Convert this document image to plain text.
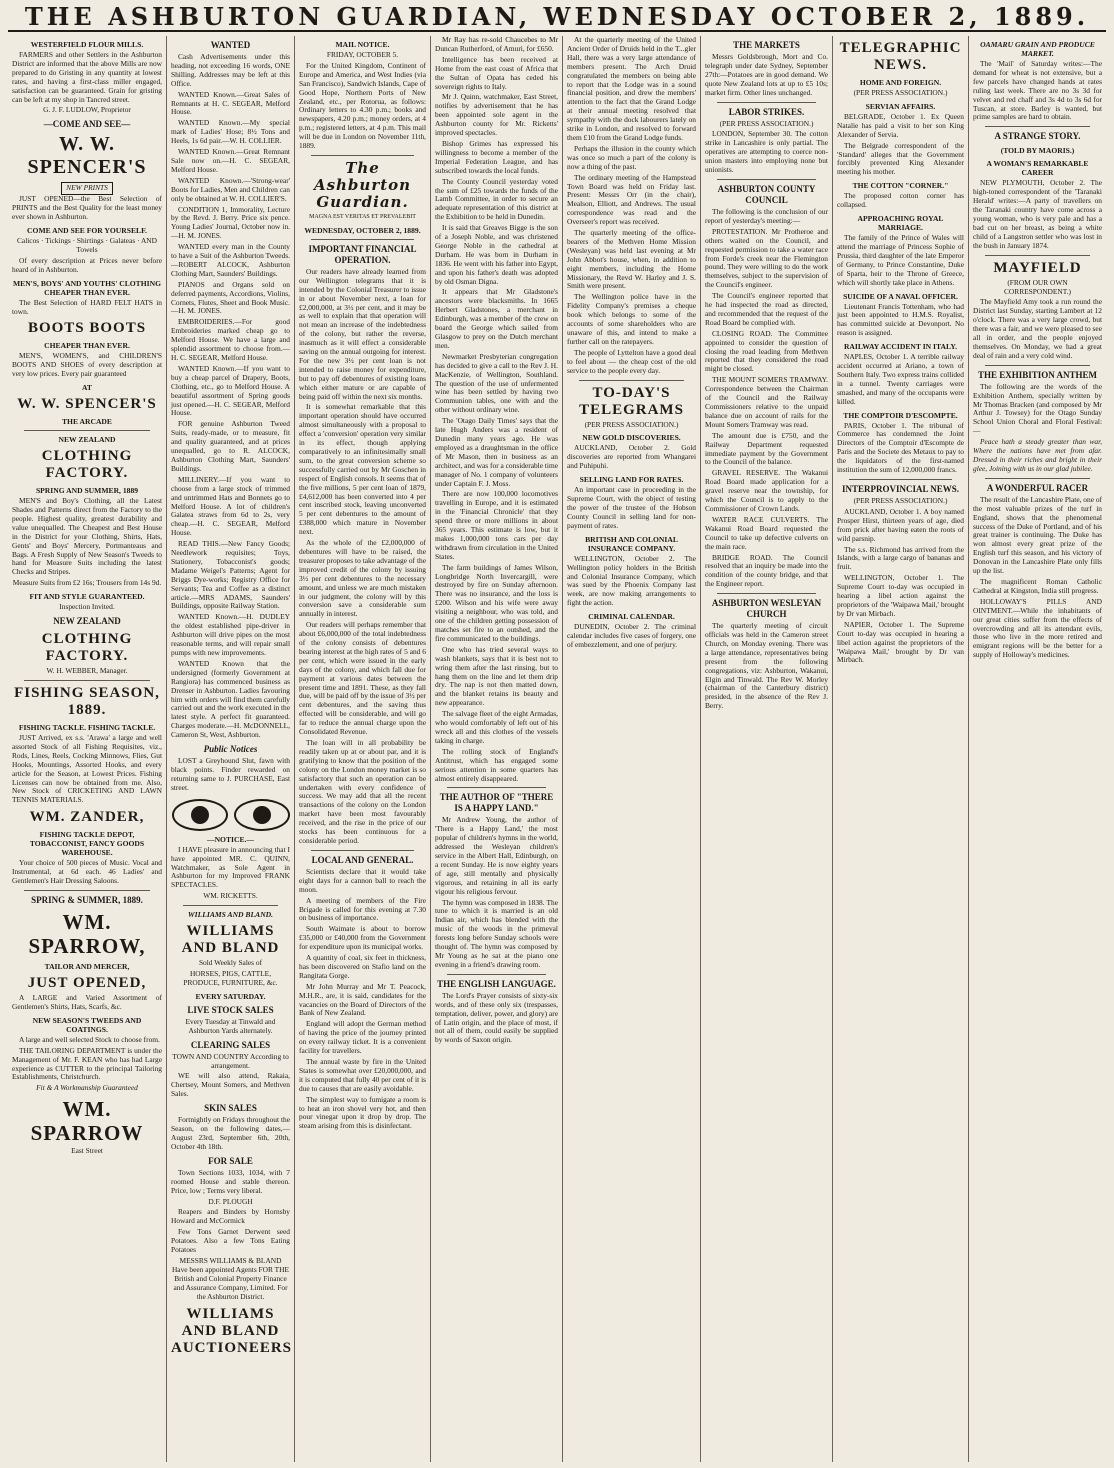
THE ASHBURTON GUARDIAN, WEDNESDAY OCTOBER 2, 1889.
WESTERFIELD FLOUR MILLS.

FARMERS and other Settlers in the Ashburton District are informed that the above Mills are now prepared to do Gristing in any quantity at lowest rates, and having a first-class miller engaged, satisfaction can be guaranteed. Grain for gristing can be left at my shop in Tancred street.

G. J. F. LUDLOW, Proprietor

—COME AND SEE—
W. W. SPENCER'S
NEW PRINTS

JUST OPENED—the Best Selection of PRINTS and the Best Quality for the least money ever shown in Ashburton.

COME AND SEE FOR YOURSELF.

Calicos · Tickings · Shirtings · Galateas · AND Towels

Of every description at Prices never before heard of in Ashburton.

MEN'S, BOYS' AND YOUTHS' CLOTHING CHEAPER THAN EVER.

The Best Selection of HARD FELT HATS in town.

BOOTS BOOTS
CHEAPER THAN EVER.

MEN'S, WOMEN'S, and CHILDREN'S BOOTS AND SHOES of every description at very low prices. Every pair guaranteed

AT
W. W. SPENCER'S
THE ARCADE
NEW ZEALAND
CLOTHING FACTORY.
SPRING AND SUMMER, 1889

MEN'S and Boy's Clothing, all the Latest Shades and Patterns direct from the Factory to the people. Highest quality, greatest durability and value unequalled. The Cheapest and Best House in the District for your Clothing, Shirts, Hats, Gents' and Boys' Mercery, Portmanteaus and Bags. A Fresh Supply of New Season's Tweeds to hand for Measure Suits including the latest Checks and Stripes.

Measure Suits from £2 16s; Trousers from 14s 9d.

FIT AND STYLE GUARANTEED.

Inspection Invited.

NEW ZEALAND
CLOTHING FACTORY.

W. H. WEBBER, Manager.

FISHING SEASON, 1889.
FISHING TACKLE. FISHING TACKLE.

JUST Arrived, ex s.s. 'Arawa' a large and well assorted Stock of all Fishing Requisites, viz., Rods, Lines, Reels, Cocking Minnows, Flies, Gut Hooks, Mountings, Assorted Hooks, and every article for the Season, at Lowest Prices. Fishing Licenses can now be obtained from me. Also, New Stock of CRICKETING AND LAWN TENNIS MATERIALS.

WM. ZANDER,
FISHING TACKLE DEPOT, TOBACCONIST, FANCY GOODS WAREHOUSE.

Your choice of 500 pieces of Music. Vocal and Instrumental, at 6d each. 46 Ladies' and Gentlemen's Hair Dressing Saloons.

SPRING & SUMMER, 1889.
WM. SPARROW,
TAILOR AND MERCER,
JUST OPENED,

A LARGE and Varied Assortment of Gentlemen's Shirts, Hats, Scarfs, &c.

NEW SEASON'S TWEEDS AND COATINGS.

A large and well selected Stock to choose from.

THE TAILORING DEPARTMENT is under the Management of Mr. F. KEAN who has had Large experience as CUTTER to the principal Tailoring Establishments, Christchurch.

Fit & A Workmanship Guaranteed

WM. SPARROW

East Street

WANTED

Cash Advertisements under this heading, not exceeding 16 words, ONE Shilling. Addresses may be left at this Office.

WANTED Known.—Great Sales of Remnants at H. C. SEGEAR, Melford House.

WANTED Known.—My special mark of Ladies' Hose; 8½ Tons and Heels, 1s 6d pair.—W. H. COLLIER.

WANTED Known.—Great Remnant Sale now on.—H. C. SEGEAR, Melford House.

WANTED Known.—'Strong-wear' Boots for Ladies, Men and Children can only be obtained at W. H. COLLIER'S.

CONDITION 1, Immorality, Lecture by the Revd. J. Berry. Price six pence. Young Ladies' Journal, October now in.—H. M. JONES.

WANTED every man in the County to have a Suit of the Ashburton Tweeds.—ROBERT ALCOCK, Ashburton Clothing Mart, Saunders' Buildings.

PIANOS and Organs sold on deferred payments, Accordions, Violins, Cornets, Flutes, Sheet and Book Music.—H. M. JONES.

EMBROIDERIES.—For good Embroideries marked cheap go to Melford House. We have a large and splendid assortment to choose from.—H. C. SEGEAR, Melford House.

WANTED Known.—If you want to buy a cheap parcel of Drapery, Boots, Clothing, etc., go to Melford House. A beautiful assortment of Spring goods just opened.—H. C. SEGEAR, Melford House.

FOR genuine Ashburton Tweed Suits, ready-made, or to measure, fit and quality guaranteed, and at prices unequalled, go to R. ALCOCK, Ashburton Clothing Mart, Saunders' Buildings.

MILLINERY.—If you want to choose from a large stock of trimmed and untrimmed Hats and Bonnets go to Melford House. A lot of children's Galatea straws from 6d to 2s, very cheap.—H. C. SEGEAR, Melford House.

READ THIS.—New Fancy Goods; Needlework requisites; Toys, Stationery, Tobacconist's goods; Madame Weigel's Patterns; Agent for Briggs Dye-works; Registry Office for Servants; Tea and Coffee as a distinct article.—MRS ADAMS, Saunders' Buildings, opposite Railway Station.

WANTED Known.—H. DUDLEY the oldest established pipe-driver in Ashburton will drive pipes on the most reasonable terms, and will repair small pumps with new improvements.

WANTED Known that the undersigned (formerly Government at Rangiora) has commenced business as Drenser in Ashburton. Ladies favouring him with orders will find them carefully carried out and the work executed in the latest style. A perfect fit guaranteed. Charges moderate.—H. McDONNELL, Cameron St, West, Ashburton.

Public Notices

LOST a Greyhound Slut, fawn with black points. Finder rewarded on returning same to J. PURCHASE, East street.

—NOTICE.—

I HAVE pleasure in announcing that I have appointed MR. C. QUINN, Watchmaker, as Sole Agent in Ashburton for my Improved FRANK SPECTACLES.

WM. RICKETTS.

WILLIAMS AND BLAND.
WILLIAMS AND BLAND

Sold Weekly Sales of

HORSES, PIGS, CATTLE, PRODUCE, FURNITURE, &c.

EVERY SATURDAY.
LIVE STOCK SALES

Every Tuesday at Tinwald and Ashburton Yards alternately.

CLEARING SALES

TOWN AND COUNTRY According to arrangement.

WE will also attend, Rakaia, Chertsey, Mount Somers, and Methven Sales.

SKIN SALES

Fortnightly on Fridays throughout the Season, on the following dates,—August 23rd, September 6th, 20th, October 4th 18th.

FOR SALE

Town Sections 1033, 1034, with 7 roomed House and stable thereon. Price, low ; Terms very liberal.

D.F. PLOUGH

Reapers and Binders by Hornsby Howard and McCormick

Few Tons Garnet Derwent seed Potatoes. Also a few Tons Eating Potatoes

MESSRS WILLIAMS & BLAND Have been appointed Agents FOR THE British and Colonial Property Finance and Assurance Company, Limited. For the Ashburton District.

WILLIAMS AND BLAND AUCTIONEERS
MAIL NOTICE.

FRIDAY, OCTOBER 5.

For the United Kingdom, Continent of Europe and America, and West Indies (via San Francisco), Sandwich Islands, Cape of Good Hope, Northern Ports of New Zealand, etc., per Rotorua, as follows: Ordinary letters to 4.30 p.m.; books and newspapers, 4.20 p.m.; money orders, at 4 p.m.; registered letters, at 4 p.m. This mail will be due in London on November 11th, 1889.

The Ashburton Guardian.

MAGNA EST VERITAS ET PREVALEBIT

WEDNESDAY, OCTOBER 2, 1889.
IMPORTANT FINANCIAL OPERATION.

Our readers have already learned from our Wellington telegrams that it is intended by the Colonial Treasurer to issue in or about November next, a loan for £2,000,000, at 3½ per cent, and it may be as well to explain that that operation will not mean an increase of the indebtedness of the colony, but rather the reverse, inasmuch as it will effect a considerable saving on the annual outgoing for interest. For the new 3½ per cent loan is not intended to raise money for expenditure, but to pay off debentures of existing loans which either mature or are capable of being paid off within the next six months.

It is somewhat remarkable that this important operation should have occurred almost simultaneously with a proposal to effect a 'conversion' operation very similar in its effect, though applying comparatively to an infinitesimally small sum, to the great conversion scheme so successfully carried out by Mr Goschen in respect of English consols. It seems that of the five millions, 5 per cent loan of 1879, £4,612,000 has been converted into 4 per cent inscribed stock, leaving unconverted 5 per cent debentures to the amount of £388,000 which mature in November next.

As the whole of the £2,000,000 of debentures will have to be raised, the treasurer proposes to take advantage of the improved credit of the colony by issuing 3½ per cent debentures to the necessary amount, and unless we are much mistaken in our judgment, the colony will by this conversion save a considerable sum annually in interest.

Our readers will perhaps remember that about £6,000,000 of the total indebtedness of the colony consists of debentures bearing interest at the high rates of 5 and 6 per cent, which were issued in the early days of the colony, and which fall due for payment at various dates between the present time and 1891. These, as they fall due, will be paid off by the issue of 3½ per cent debentures, and the saving thus effected will be considerable, and will go far to reduce the annual charge upon the Consolidated Revenue.

The loan will in all probability be readily taken up at or about par, and it is gratifying to know that the position of the colony on the London money market is so satisfactory that such an operation can be undertaken with every confidence of success. We may add that all the recent transactions of the colony on the London market have been most favourably received, and the rise in the price of our stocks has been continuous for a considerable period.

LOCAL AND GENERAL.

Scientists declare that it would take eight days for a cannon ball to reach the moon.

A meeting of members of the Fire Brigade is called for this evening at 7.30 on business of importance.

South Waimate is about to borrow £35,000 or £40,000 from the Government for expenditure upon its municipal works.

A quantity of coal, six feet in thickness, has been discovered on Stafio land on the Rangitata Gorge.

Mr John Murray and Mr T. Peacock, M.H.R., are, it is said, candidates for the vacancies on the Board of Directors of the Bank of New Zealand.

England will adopt the German method of having the price of the journey printed on every railway ticket. It is a convenient facility for travellers.

The annual waste by fire in the United States is somewhat over £20,000,000, and it is computed that fully 40 per cent of it is due to causes that are easily avoidable.

The simplest way to fumigate a room is to heat an iron shovel very hot, and then pour vinegar upon it drop by drop. The steam arising from this is disinfectant.

Mr Ray has re-sold Chaucebes to Mr Duncan Rutherford, of Amuri, for £650.

Intelligence has been received at Home from the east coast of Africa that the Sultan of Opata has ceded his sovereign rights to Italy.

Mr J. Quinn, watchmaker, East Street, notifies by advertisement that he has been appointed sole agent in the Ashburton county for Mr. Ricketts' improved spectacles.

Bishop Grimes has expressed his willingness to become a member of the Imperial Federation League, and has subscribed towards the local funds.

The County Council yesterday voted the sum of £25 towards the funds of the Lamb Committee, in order to secure an adequate representation of this district at the Exhibition to be held in Dunedin.

It is said that Greaves Bigge is the son of a Joseph Noble, and was christened George Noble in the cathedral at Durham. He was born in Durham in 1836. He went with his father into Egypt, and upon his father's death was adopted by old Osman Digna.

It appears that Mr Gladstone's ancestors were blacksmiths. In 1665 Herbert Gladstones, a merchant in Edinburgh, was a member of the crew on board the George which sailed from Glasgow to prey on the Dutch merchant men.

Newmarket Presbyterian congregation has decided to give a call to the Rev J. H. MacKenzie, of Wellington, Southland. The question of the use of unfermented wine has been settled by having two Communion tables, one with and the other without ordinary wine.

The 'Otago Daily Times' says that the late Hugh Anders was a resident of Dunedin many years ago. He was employed as a draughtsman in the office of Mr Mason, then in business as an architect, and was for a considerable time manager of No. 1 company of volunteers under Captain F. J. Moss.

There are now 100,000 locomotives travelling in Europe, and it is estimated in the 'Financial Chronicle' that they spend three or more millions in about 365 years. This estimate is low, but it makes 1,000,000 tons cars per day withdrawn from circulation in the United States.

The farm buildings of James Wilson, Longbridge North Invercargill, were destroyed by fire on Sunday afternoon. There was no insurance, and the loss is £200. Wilson and his wife were away visiting a neighbour, who was told, and one of the children getting possession of matches set fire to an outshed, and the fire communicated to the buildings.

One who has tried several ways to wash blankets, says that it is best not to wring them after the last rinsing, but to hang them on the line and let them drip dry. The nap is not then matted down, and the blanket retains its beauty and new appearance.

The salvage fleet of the eight Armadas, who would comfortably of left out of his wreck all and this clothes of the vessels taking in charge.

The rolling stock of England's Antitrust, which has engaged some serious attention in some quarters has almost entirely disappeared.

THE AUTHOR OF "THERE IS A HAPPY LAND."

Mr Andrew Young, the author of 'There is a Happy Land,' the most popular of children's hymns in the world, addressed the Wesleyan children's service in the Albert Hall, Edinburgh, on a recent Sunday. He is now eighty years of age, still mentally and physically vigorous, and retaining in all its early vigour his religious fervour.

The hymn was composed in 1838. The tune to which it is married is an old Indian air, which has blended with the music of the woods in the primeval forests long before Sunday schools were thought of. The hymn was composed by Mr Young as he sat at the piano one evening in a friend's drawing room.

THE ENGLISH LANGUAGE.

The Lord's Prayer consists of sixty-six words, and of these only six (trespasses, temptation, deliver, power, and glory) are of Latin origin, and the place of most, if not all of them, could easily be supplied by words of Saxon origin.

At the quarterly meeting of the United Ancient Order of Druids held in the T...gler Hall, there was a very large attendance of members present. The Arch Druid congratulated the members on being able to report that the Lodge was in a sound financial position, and drew the members' attention to the fact that the Grand Lodge at their annual meeting resolved that sympathy with the dock labourers lately on strike in London, and resolved to forward them £10 from the Grand Lodge funds.

Perhaps the illusion in the county which was once so much a part of the colony is now a thing of the past.

The ordinary meeting of the Hampstead Town Board was held on Friday last. Present: Messrs Orr (in the chair), Mealson, Elliott, and Andrews. The usual correspondence was read and the Overseer's report was received.

The quarterly meeting of the office-bearers of the Methven Home Mission (Wesleyan) was held last evening at Mr John Abbot's house, when, in addition to eight members, including the Home Missionary, the Revd W. Harley and J. S. Smith were present.

The Wellington police have in the Fidelity Company's premises a cheque book which belongs to some of the accounts of some shareholders who are unaware of this, and intend to make a further call on the ratepayers.

The people of Lyttelton have a good deal to feel about — the cheap cost of the old service to the people every day.

TO-DAY'S TELEGRAMS

(PER PRESS ASSOCIATION.)

NEW GOLD DISCOVERIES.

AUCKLAND, October 2. Gold discoveries are reported from Whangarei and Puhipuhi.

SELLING LAND FOR RATES.

An important case in proceeding in the Supreme Court, with the object of testing the power of the trustee of the Hobson County Council in selling land for non-payment of rates.

BRITISH AND COLONIAL INSURANCE COMPANY.

WELLINGTON, October 2. The Wellington policy holders in the British and Colonial Insurance Company, which was sued by the Phoenix Company last week, are now making arrangements to fight the action.

CRIMINAL CALENDAR.

DUNEDIN, October 2. The criminal calendar includes five cases of forgery, one of embezzlement, and one of perjury.

THE MARKETS

Messrs Goldsbrough, Mort and Co. telegraph under date Sydney, September 27th:—Potatoes are in good demand. We quote New Zealand lots at up to £5 10s; market firm. Other lines unchanged.

LABOR STRIKES.

(PER PRESS ASSOCIATION.)

LONDON, September 30. The cotton strike in Lancashire is only partial. The operatives are attempting to coerce non-union masters into employing none but unionists.

ASHBURTON COUNTY COUNCIL

The following is the conclusion of our report of yesterday's meeting:—

PROTESTATION. Mr Protheroe and others waited on the Council, and requested permission to take a water race from Forde's creek near the Flemington pound. They were willing to do the work themselves, subject to the supervision of the Council's engineer.

The Council's engineer reported that he had inspected the road as directed, and recommended that the request of the Road Board be complied with.

CLOSING ROAD. The Committee appointed to consider the question of closing the road leading from Methven reported that they considered the road might be closed.

THE MOUNT SOMERS TRAMWAY. Correspondence between the Chairman of the Council and the Railway Commissioners relative to the unpaid balance due on account of rails for the Mount Somers Tramway was read.

The amount due is £750, and the Railway Department requested immediate payment by the Government to the Council of the balance.

GRAVEL RESERVE. The Wakanui Road Board made application for a gravel reserve near the township, for which the Council is to apply to the Commissioner of Crown Lands.

WATER RACE CULVERTS. The Wakanui Road Board requested the Council to take up defective culverts on the main race.

BRIDGE ROAD. The Council resolved that an inquiry be made into the condition of the county bridge, and that the Engineer report.

ASHBURTON WESLEYAN CHURCH

The quarterly meeting of circuit officials was held in the Cameron street Church, on Monday evening. There was a large attendance, representatives being present from the following congregations, viz: Ashburton, Wakanui, Elgin and Tinwald. The Rev W. Morley (chairman of the Canterbury district) presided, in the absence of the Rev J. Berry.

TELEGRAPHIC NEWS.
HOME AND FOREIGN.

(PER PRESS ASSOCIATION.)

SERVIAN AFFAIRS.

BELGRADE, October 1. Ex Queen Natalie has paid a visit to her son King Alexander of Servia.

The Belgrade correspondent of the 'Standard' alleges that the Government forcibly prevented King Alexander meeting his mother.

THE COTTON "CORNER."

The proposed cotton corner has collapsed.

APPROACHING ROYAL MARRIAGE.

The family of the Prince of Wales will attend the marriage of Princess Sophie of Prussia, third daughter of the late Emperor of Germany, to Prince Constantine, Duke of Sparta, heir to the Throne of Greece, which will shortly take place in Athens.

SUICIDE OF A NAVAL OFFICER.

Lieutenant Francis Tottenham, who had just been appointed to H.M.S. Royalist, has committed suicide at Devonport. No reason is assigned.

RAILWAY ACCIDENT IN ITALY.

NAPLES, October 1. A terrible railway accident occurred at Ariano, a town of Southern Italy. Two express trains collided in a tunnel. Twenty carriages were smashed, and many of the occupants were killed.

THE COMPTOIR D'ESCOMPTE.

PARIS, October 1. The tribunal of Commerce has condemned the Joint Directors of the Comptoir d'Escompte de Paris and the Societe des Metaux to pay to the liquidators of the first-named institution the sum of 12,000,000 francs.

INTERPROVINCIAL NEWS.

(PER PRESS ASSOCIATION.)

AUCKLAND, October 1. A boy named Prosper Hirst, thirteen years of age, died from prick after having eaten the roots of wild parsnip.

The s.s. Richmond has arrived from the Islands, with a large cargo of bananas and fruit.

WELLINGTON, October 1. The Supreme Court to-day was occupied in hearing a libel action against the proprietors of the 'Waipawa Mail,' brought by Dr van Mirbach.

NAPIER, October 1. The Supreme Court to-day was occupied in hearing a libel action against the proprietors of the 'Waipawa Mail,' brought by Dr van Mirbach.

OAMARU GRAIN AND PRODUCE MARKET.

The 'Mail' of Saturday writes:—The demand for wheat is not extensive, but a few parcels have changed hands at rates ruling last week. There are no 3s 3d for velvet and red chaff and 3s 4d to 3s 6d for Tuscan, at store. Barley is wanted, but prime samples are hard to obtain.

A STRANGE STORY.
(TOLD BY MAORIS.)
A WOMAN'S REMARKABLE CAREER

NEW PLYMOUTH, October 2. The high-toned correspondent of the 'Taranaki Herald' writes:—A party of travellers on the Taranaki country have come across a young woman, who is very pale and has a bad cut on her breast, as being a white child of a Langstron settler who was lost in the bush in January 1874.

MAYFIELD

(FROM OUR OWN CORRESPONDENT.)

The Mayfield Amy took a run round the District last Sunday, starting Lambert at 12 o'clock. There was a very large crowd, but there was a fair, and we were pleased to see all in order, and the people enjoyed themselves. On Monday, we had a great deal of rain and a very cold wind.

THE EXHIBITION ANTHEM

The following are the words of the Exhibition Anthem, specially written by Mr Thomas Bracken (and composed by Mr Arthur J. Towsey) for the Otago Sunday School Union Choral and Floral Festival:—

Peace hath a steady greater than war, Where the nations have met from afar. Dressed in their riches and bright in their glee, Joining with us in our glad jubilee.

A WONDERFUL RACER

The result of the Lancashire Plate, one of the most valuable prizes of the turf in England, shows that the phenomenal success of the Duke of Portland, and of his great trainer is continuing. The Duke has won almost every great prize of the English turf this season, and his victory of Donovan in the Lancashire Plate only fills up the list.

The magnificent Roman Catholic Cathedral at Kingston, India still progress.

HOLLOWAY'S PILLS AND OINTMENT.—While the inhabitants of our great cities suffer from the effects of overcrowding and all its attendant evils, those who live in the more retired and emigrant regions will be the better for a supply of Holloway's medicines.
